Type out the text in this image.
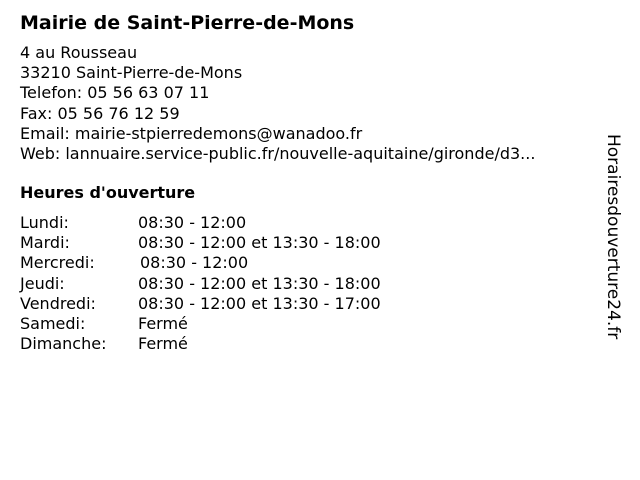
Mairie de Saint-Pierre-de-Mons
4 au Rousseau
33210 Saint-Pierre-de-Mons
Telefon: 05 56 63 07 11
Fax: 05 56 76 12 59
Email: mairie-stpierredemons@wanadoo.fr
Web: lannuaire.service-public.fr/nouvelle-aquitaine/gironde/d3...
Heures d'ouverture
Lundi:	08:30 - 12:00
Mardi:	08:30 - 12:00 et 13:30 - 18:00
Mercredi:	08:30 - 12:00
Jeudi:	08:30 - 12:00 et 13:30 - 18:00
Vendredi:	08:30 - 12:00 et 13:30 - 17:00
Samedi:	Fermé
Dimanche: Fermé
Horairesdouverture24.fr
